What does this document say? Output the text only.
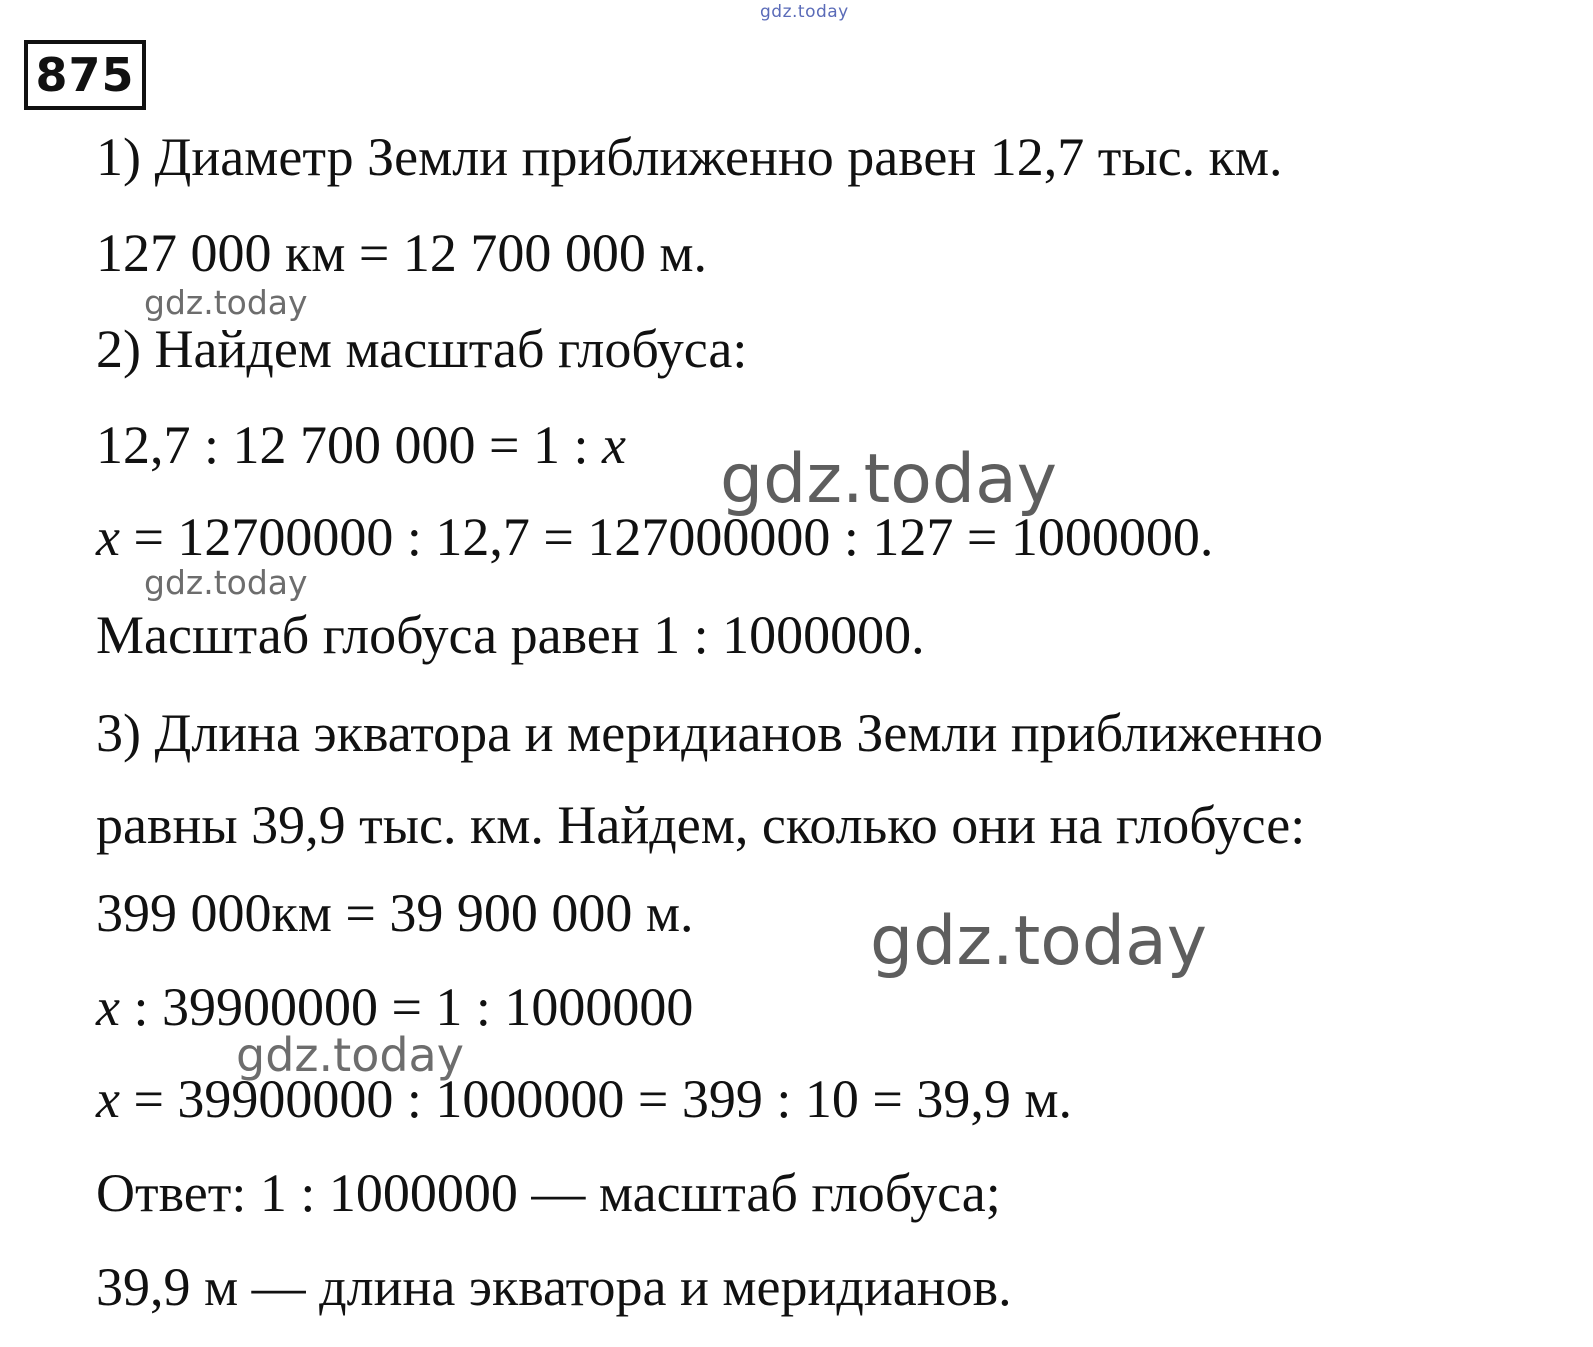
gdz.today
875
1) Диаметр Земли приближенно равен 12,7 тыс. км.
127 000 км = 12 700 000 м.
2) Найдем масштаб глобуса:
12,7 : 12 700 000 = 1 : x
x = 12700000 : 12,7 = 127000000 : 127 = 1000000.
Масштаб глобуса равен 1 : 1000000.
3) Длина экватора и меридианов Земли приближенно
равны 39,9 тыс. км. Найдем, сколько они на глобусе:
399 000км = 39 900 000 м.
x : 39900000 = 1 : 1000000
x = 39900000 : 1000000 = 399 : 10 = 39,9 м.
Ответ: 1 : 1000000 — масштаб глобуса;
39,9 м — длина экватора и меридианов.
gdz.today
gdz.today
gdz.today
gdz.today
gdz.today
